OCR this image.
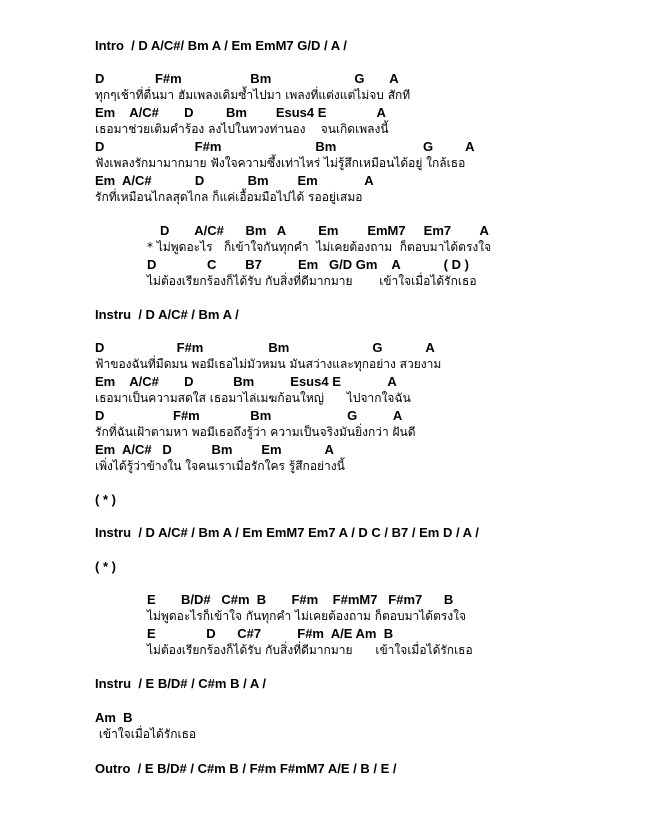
Intro  / D A/C#/ Bm A / Em EmM7 G/D / A /
D              F#m                   Bm                       G       A
ทุกๆเช้าที่ตื่นมา ฮัมเพลงเดิมซ้ำไปมา เพลงที่แต่งแต่ไม่จบ สักที
Em    A/C#       D         Bm        Esus4 E              A
เธอมาช่วยเติมคำร้อง ลงไปในทวงท่านอง    จนเกิดเพลงนี้
D                         F#m                          Bm                        G         A
ฟังเพลงรักมามากมาย ฟังใจความซึ้งเท่าไหร่ ไม่รู้สึกเหมือนได้อยู่ ใกล้เธอ
Em  A/C#            D            Bm        Em             A
รักที่เหมือนไกลสุดไกล ก็แค่เอื้อมมือไปได้ รออยู่เสมอ
D       A/C#      Bm   A         Em        EmM7     Em7        A
* ไม่พูดอะไร   ก็เข้าใจกันทุกคำ  ไม่เคยต้องถาม  ก็ตอบมาได้ตรงใจ
D              C        B7          Em   G/D Gm    A            ( D )
ไม่ต้องเรียกร้องก็ได้รับ กับสิ่งที่ดีมากมาย       เข้าใจเมื่อได้รักเธอ
Instru  / D A/C# / Bm A /
D                    F#m                  Bm                       G            A
ฟ้าของฉันที่มืดมน พอมีเธอไม่มัวหมน มันสว่างและทุกอย่าง สวยงาม
Em    A/C#       D           Bm          Esus4 E             A
เธอมาเป็นความสดใส เธอมาไล่เมฆก้อนใหญ่      ไปจากใจฉัน
D                   F#m              Bm                     G          A
รักที่ฉันเฝ้าตามหา พอมีเธอถึงรู้ว่า ความเป็นจริงมันยิ่งกว่า ฝันดี
Em  A/C#   D           Bm        Em            A
เพิ่งได้รู้ว่าข้างใน ใจคนเราเมื่อรักใคร รู้สึกอย่างนี้
( * )
Instru  / D A/C# / Bm A / Em EmM7 Em7 A / D C / B7 / Em D / A /
( * )
E       B/D#   C#m  B       F#m    F#mM7   F#m7      B
ไม่พูดอะไรก็เข้าใจ กันทุกคำ ไม่เคยต้องถาม ก็ตอบมาได้ตรงใจ
E              D      C#7          F#m  A/E Am  B
ไม่ต้องเรียกร้องก็ได้รับ กับสิ่งที่ดีมากมาย      เข้าใจเมื่อได้รักเธอ
Instru  / E B/D# / C#m B / A /
Am  B
เข้าใจเมื่อได้รักเธอ
Outro  / E B/D# / C#m B / F#m F#mM7 A/E / B / E /
